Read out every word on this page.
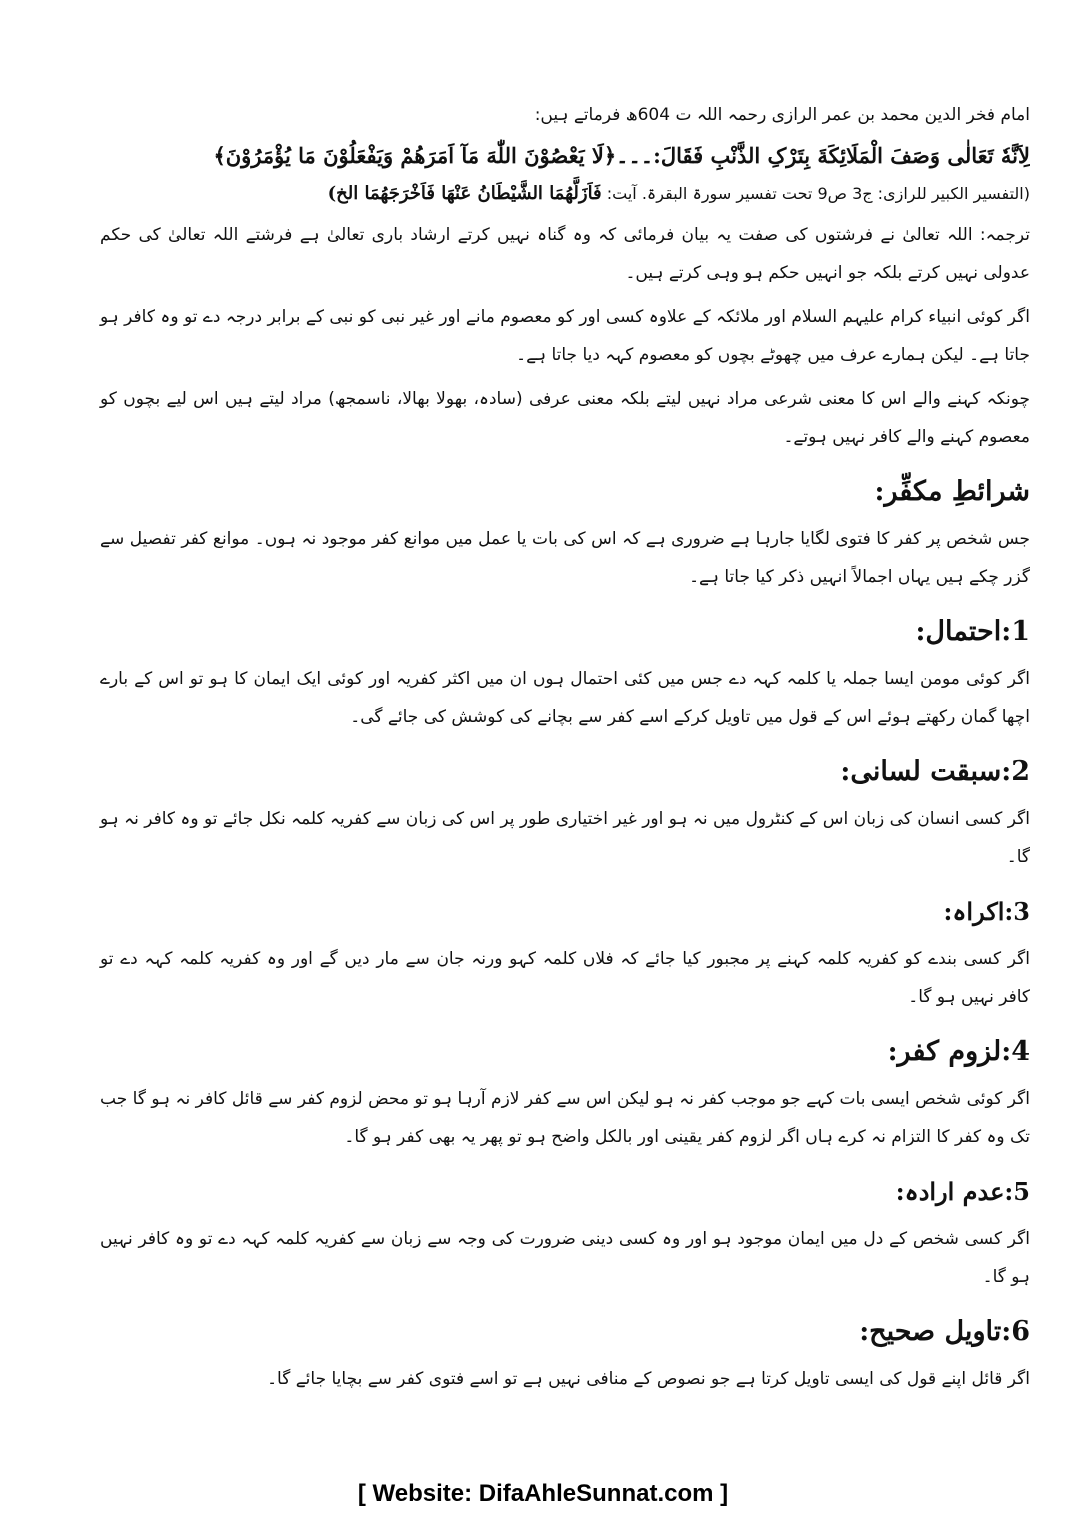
امام فخر الدین محمد بن عمر الرازی رحمہ اللہ ت 604ھ فرماتے ہیں:

لِاَنَّهٗ تَعَالٰی وَصَفَ الْمَلَائِکَةَ بِتَرْکِ الذَّنْبِ فَقَالَ:۔۔۔﴿لَا یَعْصُوْنَ اللّٰهَ مَآ اَمَرَهُمْ وَیَفْعَلُوْنَ مَا یُؤْمَرُوْنَ﴾

(التفسیر الکبیر للرازی: ج3 ص9 تحت تفسیر سورۃ البقرۃ. آیت: فَاَزَلَّهُمَا الشَّیْطَانُ عَنْهَا فَاَخْرَجَهُمَا الخ)

ترجمہ: اللہ تعالیٰ نے فرشتوں کی صفت یہ بیان فرمائی کہ وہ گناہ نہیں کرتے ارشاد باری تعالیٰ ہے فرشتے اللہ تعالیٰ کی حکم عدولی نہیں کرتے بلکہ جو انہیں حکم ہو وہی کرتے ہیں۔

اگر کوئی انبیاء کرام علیہم السلام اور ملائکہ کے علاوہ کسی اور کو معصوم مانے اور غیر نبی کو نبی کے برابر درجہ دے تو وہ کافر ہو جاتا ہے۔ لیکن ہمارے عرف میں چھوٹے بچوں کو معصوم کہہ دیا جاتا ہے۔

چونکہ کہنے والے اس کا معنی شرعی مراد نہیں لیتے بلکہ معنی عرفی (سادہ، بھولا بھالا، ناسمجھ) مراد لیتے ہیں اس لیے بچوں کو معصوم کہنے والے کافر نہیں ہوتے۔

شرائطِ مکفِّر:

جس شخص پر کفر کا فتوی لگایا جارہا ہے ضروری ہے کہ اس کی بات یا عمل میں موانع کفر موجود نہ ہوں۔ موانع کفر تفصیل سے گزر چکے ہیں یہاں اجمالاً انہیں ذکر کیا جاتا ہے۔

1:احتمال:

اگر کوئی مومن ایسا جملہ یا کلمہ کہہ دے جس میں کئی احتمال ہوں ان میں اکثر کفریہ اور کوئی ایک ایمان کا ہو تو اس کے بارے اچھا گمان رکھتے ہوئے اس کے قول میں تاویل کرکے اسے کفر سے بچانے کی کوشش کی جائے گی۔

2:سبقت لسانی:

اگر کسی انسان کی زبان اس کے کنٹرول میں نہ ہو اور غیر اختیاری طور پر اس کی زبان سے کفریہ کلمہ نکل جائے تو وہ کافر نہ ہو گا۔

3:اکراہ:

اگر کسی بندے کو کفریہ کلمہ کہنے پر مجبور کیا جائے کہ فلاں کلمہ کہو ورنہ جان سے مار دیں گے اور وہ کفریہ کلمہ کہہ دے تو کافر نہیں ہو گا۔

4:لزوم کفر:

اگر کوئی شخص ایسی بات کہے جو موجب کفر نہ ہو لیکن اس سے کفر لازم آرہا ہو تو محض لزوم کفر سے قائل کافر نہ ہو گا جب تک وہ کفر کا التزام نہ کرے ہاں اگر لزوم کفر یقینی اور بالکل واضح ہو تو پھر یہ بھی کفر ہو گا۔

5:عدم ارادہ:

اگر کسی شخص کے دل میں ایمان موجود ہو اور وہ کسی دینی ضرورت کی وجہ سے زبان سے کفریہ کلمہ کہہ دے تو وہ کافر نہیں ہو گا۔

6:تاویل صحیح:

اگر قائل اپنے قول کی ایسی تاویل کرتا ہے جو نصوص کے منافی نہیں ہے تو اسے فتوی کفر سے بچایا جائے گا۔

[ Website: DifaAhleSunnat.com ]
